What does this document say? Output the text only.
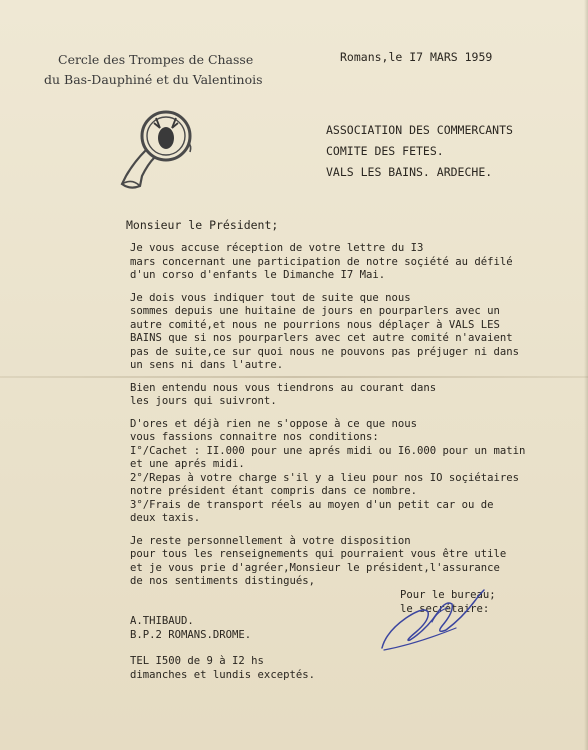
Cercle des Trompes de Chasse
du Bas-Dauphiné et du Valentinois
Romans,le I7 MARS 1959
ASSOCIATION DES COMMERCANTS
COMITE DES FETES.
VALS LES BAINS. ARDECHE.
Monsieur le Président;
Je vous accuse réception de votre lettre du I3
mars concernant une participation de notre soçiété au défilé
d'un corso d'enfants le Dimanche I7 Mai.
Je dois vous indiquer tout de suite que nous
sommes depuis une huitaine de jours en pourparlers avec un
autre comité,et nous ne pourrions nous déplaçer à VALS LES
BAINS que si nos pourparlers avec cet autre comité n'avaient
pas de suite,ce sur quoi nous ne pouvons pas préjuger ni dans
un sens ni dans l'autre.
Bien entendu nous vous tiendrons au courant dans
les jours qui suivront.
D'ores et déjà rien ne s'oppose à ce que nous
vous fassions connaitre nos conditions:
I°/Cachet : II.000 pour une aprés midi ou I6.000 pour un matin
et une aprés midi.
2°/Repas à votre charge s'il y a lieu pour nos IO soçiétaires
notre président étant compris dans ce nombre.
3°/Frais de transport réels au moyen d'un petit car ou de
deux taxis.
Je reste personnellement à votre disposition
pour tous les renseignements qui pourraient vous être utile
et je vous prie d'agréer,Monsieur le président,l'assurance
de nos sentiments distingués,
Pour le bureau;
le secrétaire:
A.THIBAUD.
B.P.2 ROMANS.DROME.
TEL I500 de 9 à I2 hs
dimanches et lundis exceptés.
